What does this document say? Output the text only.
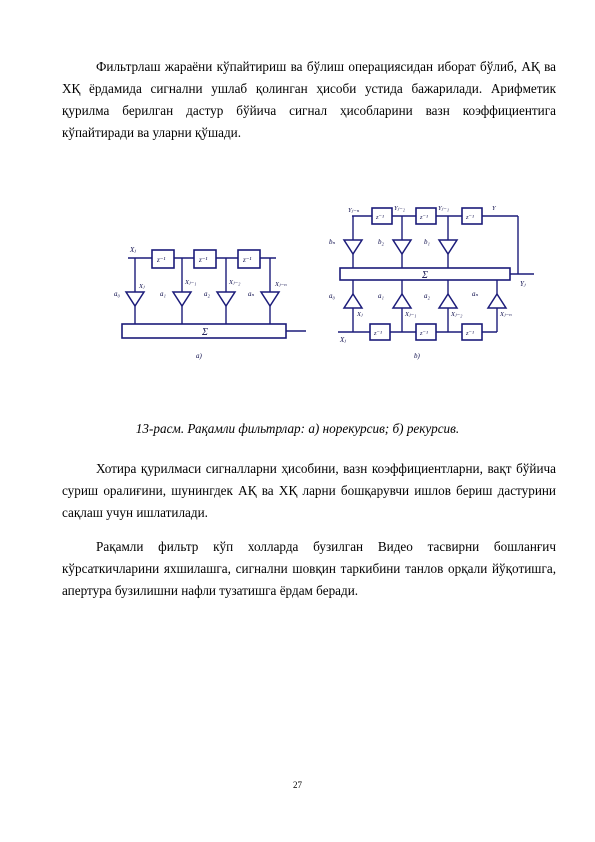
Фильтрлаш жараёни кўпайтириш ва бўлиш операциясидан иборат бўлиб, АҚ ва ХҚ ёрдамида сигнални ушлаб қолинган ҳисоби устида бажарилади. Арифметик қурилма берилган дастур бўйича сигнал ҳисобларини вазн коэффициентига кўпайтиради ва уларни қўшади.

z⁻¹	z⁻¹	z⁻¹
Xⱼ
a₀	a₁	a₂	aₙ
Xⱼ
Xⱼ₋₁	Xⱼ₋₂	Xⱼ₋ₙ
Σ
а)
z⁻¹	z⁻¹	z⁻¹
Yⱼ₋ₙ	Yⱼ₋₂	Yⱼ₋₁	Y
bₙ	b₂	b₁
Σ
Yⱼ
a₀	a₁	a₂	aₙ
Xⱼ	Xⱼ₋₁	Xⱼ₋₂	Xⱼ₋ₙ
z⁻¹	z⁻¹	z⁻¹
Xⱼ
b)
13-расм. Рақамли фильтрлар: а) норекурсив; б) рекурсив.

Хотира қурилмаси сигналларни ҳисобини, вазн коэффициентларни, вақт бўйича суриш оралиғини, шунингдек АҚ ва ХҚ ларни бошқарувчи ишлов бериш дастурини сақлаш учун ишлатилади.

Рақамли фильтр кўп холларда бузилган Видео тасвирни бошланғич кўрсаткичларини яхшилашга, сигнални шовқин таркибини танлов орқали йўқотишга, апертура бузилишни нафли тузатишга ёрдам беради.

27
